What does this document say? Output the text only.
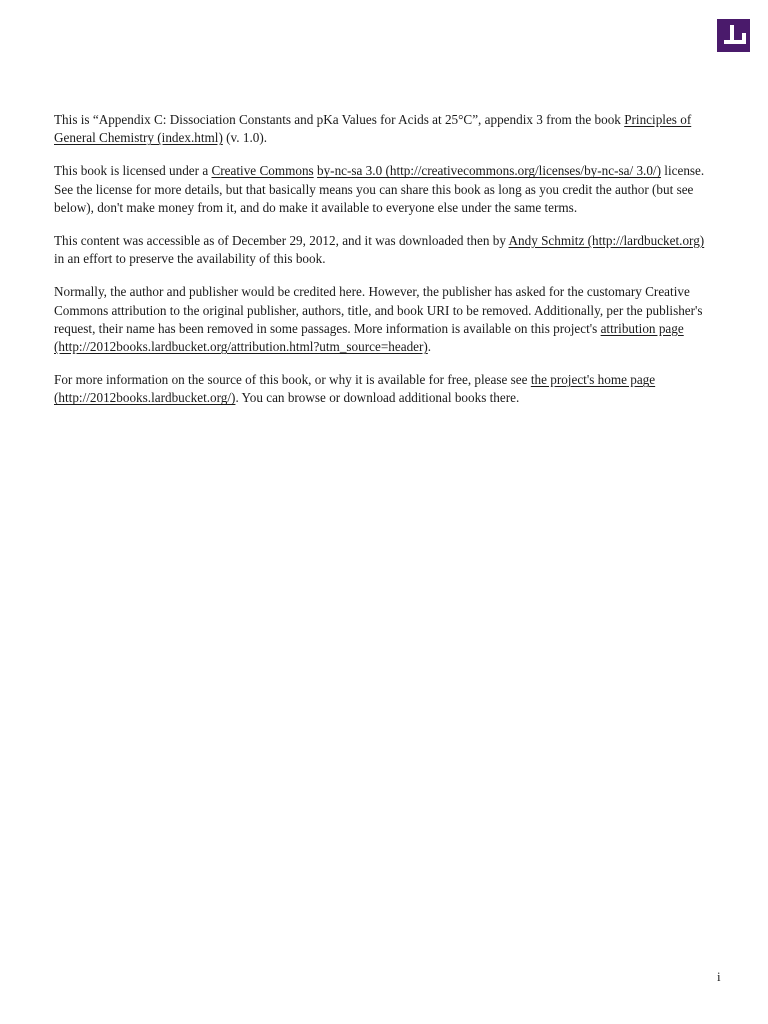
This is “Appendix C: Dissociation Constants and pKa Values for Acids at 25°C”, appendix 3 from the book Principles of General Chemistry (index.html) (v. 1.0).

This book is licensed under a Creative Commons by-nc-sa 3.0 (http://creativecommons.org/licenses/by-nc-sa/ 3.0/) license. See the license for more details, but that basically means you can share this book as long as you credit the author (but see below), don't make money from it, and do make it available to everyone else under the same terms.

This content was accessible as of December 29, 2012, and it was downloaded then by Andy Schmitz (http://lardbucket.org) in an effort to preserve the availability of this book.

Normally, the author and publisher would be credited here. However, the publisher has asked for the customary Creative Commons attribution to the original publisher, authors, title, and book URI to be removed. Additionally, per the publisher's request, their name has been removed in some passages. More information is available on this project's attribution page (http://2012books.lardbucket.org/attribution.html?utm_source=header).

For more information on the source of this book, or why it is available for free, please see the project's home page (http://2012books.lardbucket.org/). You can browse or download additional books there.

i
